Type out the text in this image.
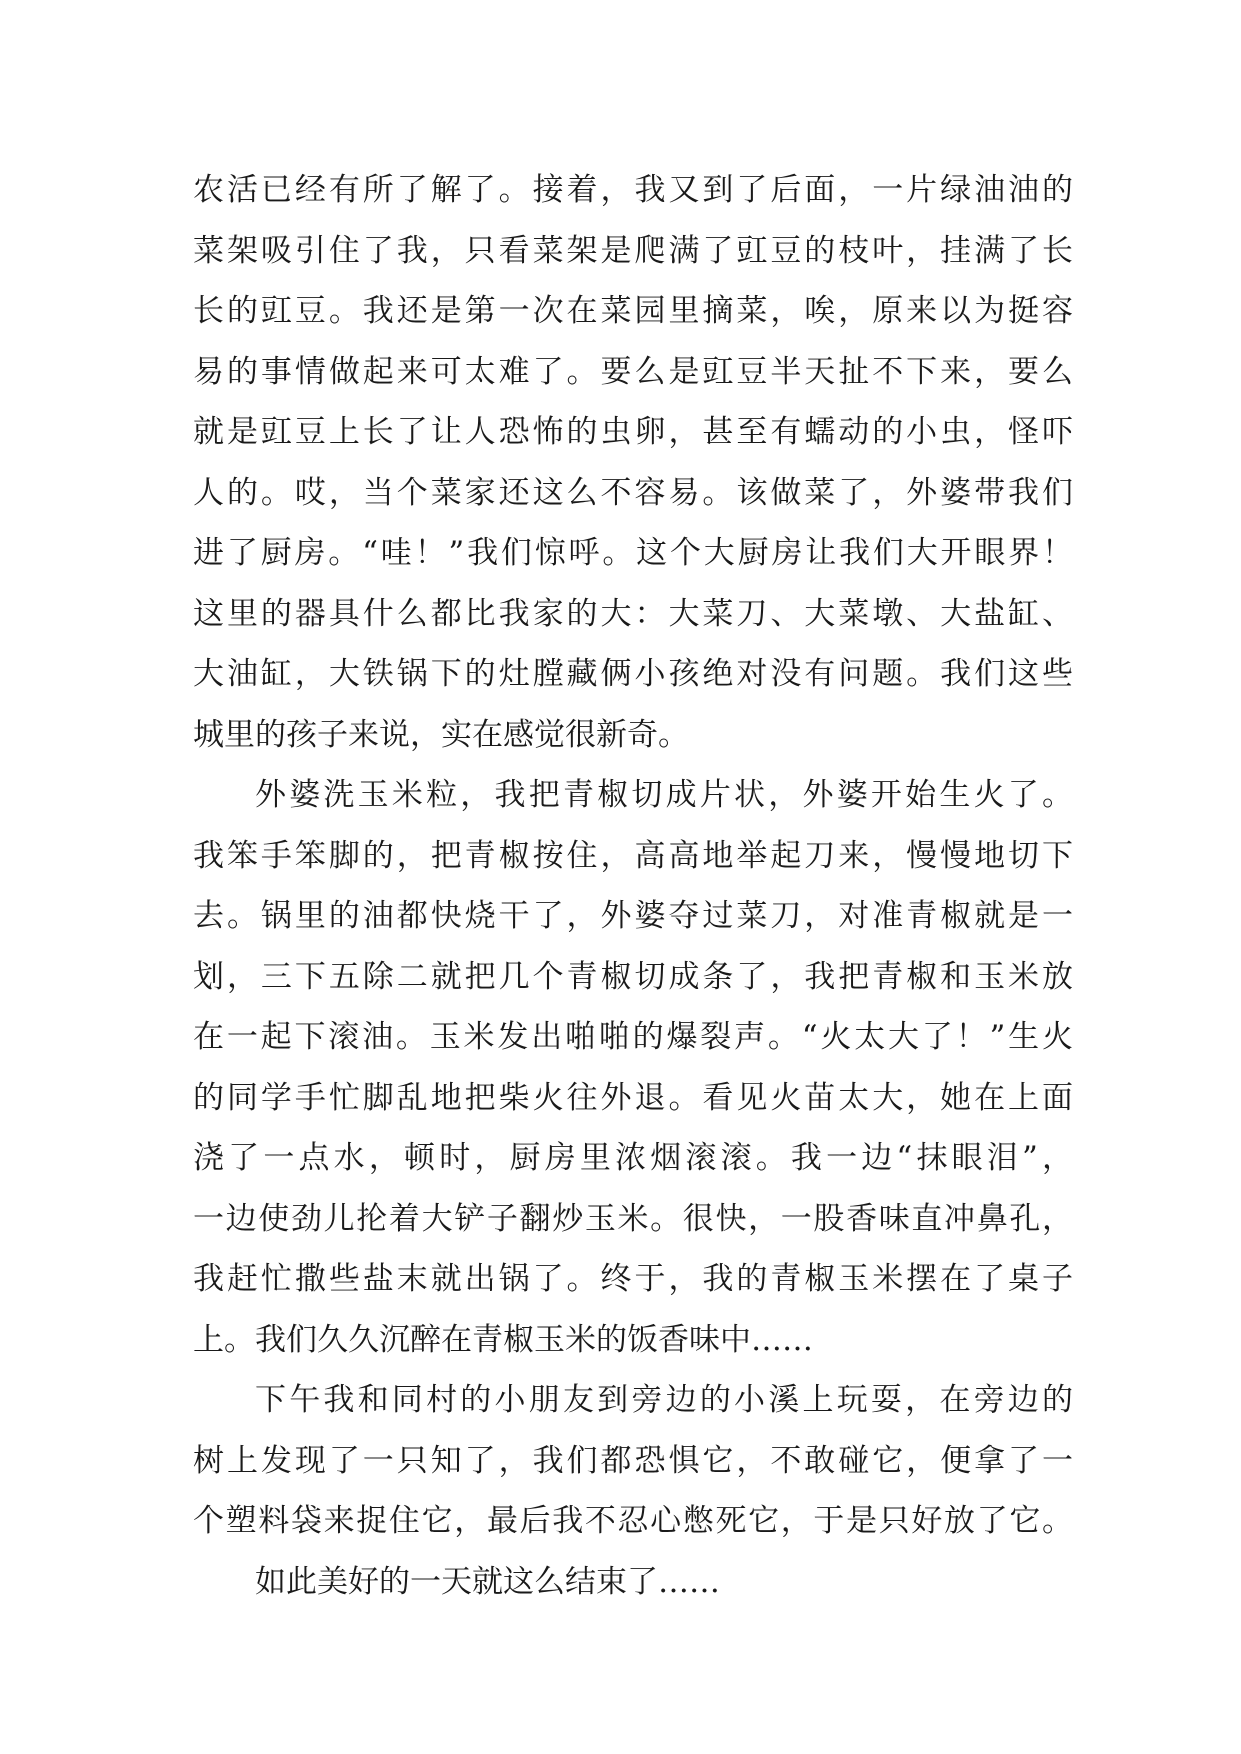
农活已经有所了解了。接着，我又到了后面，一片绿油油的
菜架吸引住了我，只看菜架是爬满了豇豆的枝叶，挂满了长
长的豇豆。我还是第一次在菜园里摘菜，唉，原来以为挺容
易的事情做起来可太难了。要么是豇豆半天扯不下来，要么
就是豇豆上长了让人恐怖的虫卵，甚至有蠕动的小虫，怪吓
人的。哎，当个菜家还这么不容易。该做菜了，外婆带我们
进了厨房。“哇！”我们惊呼。这个大厨房让我们大开眼界！
这里的器具什么都比我家的大：大菜刀、大菜墩、大盐缸、
大油缸，大铁锅下的灶膛藏俩小孩绝对没有问题。我们这些
城里的孩子来说，实在感觉很新奇。
外婆洗玉米粒，我把青椒切成片状，外婆开始生火了。
我笨手笨脚的，把青椒按住，高高地举起刀来，慢慢地切下
去。锅里的油都快烧干了，外婆夺过菜刀，对准青椒就是一
划，三下五除二就把几个青椒切成条了，我把青椒和玉米放
在一起下滚油。玉米发出啪啪的爆裂声。“火太大了！”生火
的同学手忙脚乱地把柴火往外退。看见火苗太大，她在上面
浇了一点水，顿时，厨房里浓烟滚滚。我一边“抹眼泪”，
一边使劲儿抡着大铲子翻炒玉米。很快，一股香味直冲鼻孔，
我赶忙撒些盐末就出锅了。终于，我的青椒玉米摆在了桌子
上。我们久久沉醉在青椒玉米的饭香味中……
下午我和同村的小朋友到旁边的小溪上玩耍，在旁边的
树上发现了一只知了，我们都恐惧它，不敢碰它，便拿了一
个塑料袋来捉住它，最后我不忍心憋死它，于是只好放了它。
如此美好的一天就这么结束了……
